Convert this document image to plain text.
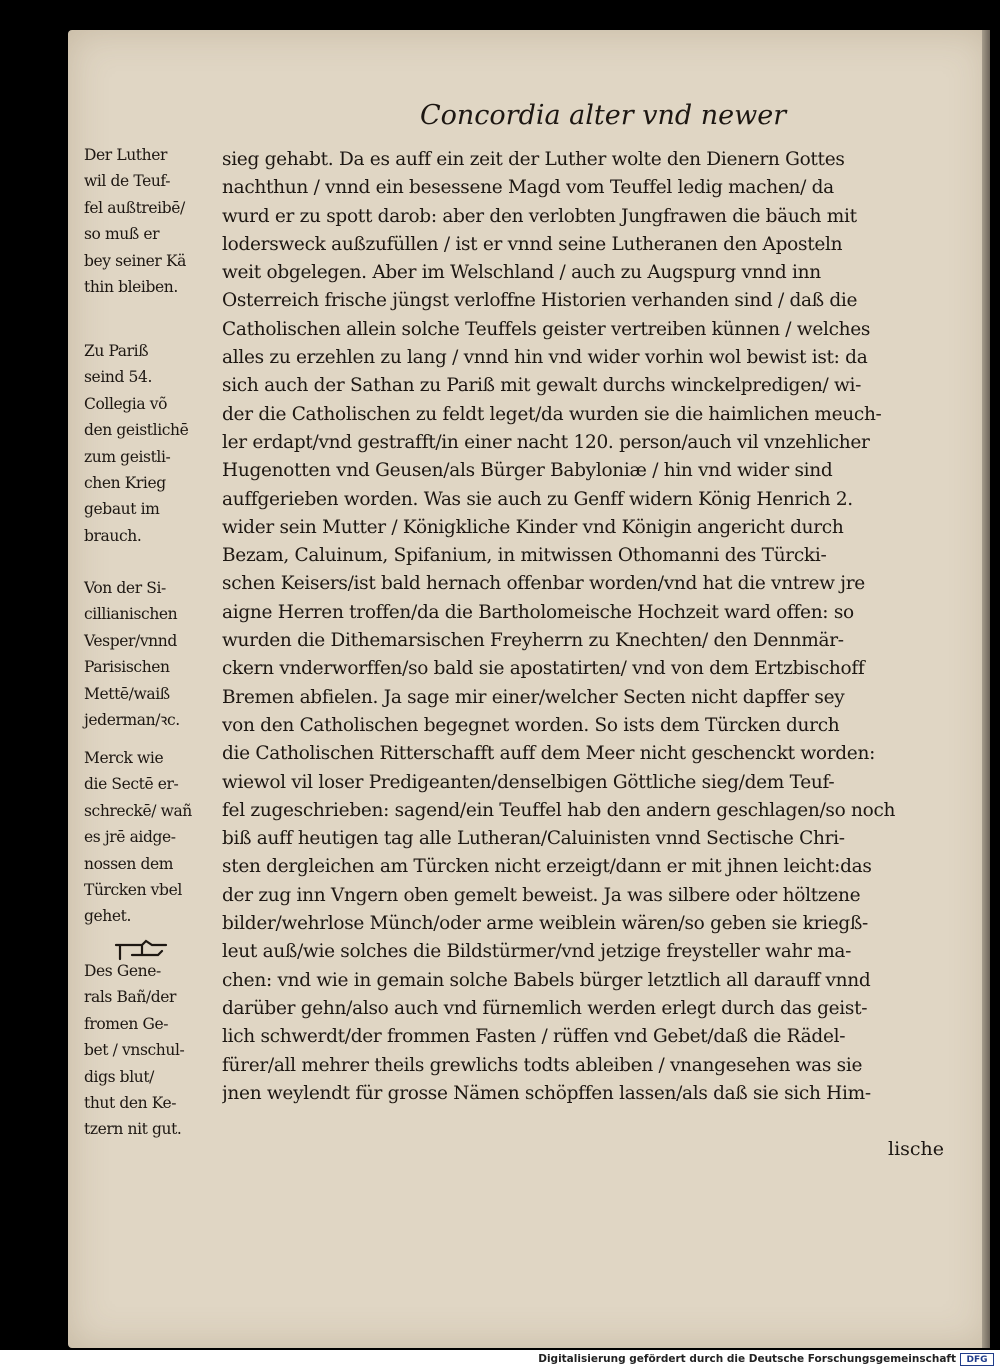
Concordia alter vnd newer
sieg gehabt. Da es auff ein zeit der Luther wolte den Dienern Gottes
nachthun / vnnd ein besessene Magd vom Teuffel ledig machen/ da
wurd er zu spott darob: aber den verlobten Jungfrawen die bäuch mit
lodersweck außzufüllen / ist er vnnd seine Lutheranen den Aposteln
weit obgelegen. Aber im Welschland / auch zu Augspurg vnnd inn
Osterreich frische jüngst verloffne Historien verhanden sind / daß die
Catholischen allein solche Teuffels geister vertreiben künnen / welches
alles zu erzehlen zu lang / vnnd hin vnd wider vorhin wol bewist ist: da
sich auch der Sathan zu Pariß mit gewalt durchs winckelpredigen/ wi-
der die Catholischen zu feldt leget/da wurden sie die haimlichen meuch-
ler erdapt/vnd gestrafft/in einer nacht 120. person/auch vil vnzehlicher
Hugenotten vnd Geusen/als Bürger Babyloniæ / hin vnd wider sind
auffgerieben worden. Was sie auch zu Genff widern König Henrich 2.
wider sein Mutter / Königkliche Kinder vnd Königin angericht durch
Bezam, Caluinum, Spifanium, in mitwissen Othomanni des Türcki-
schen Keisers/ist bald hernach offenbar worden/vnd hat die vntrew jre
aigne Herren troffen/da die Bartholomeische Hochzeit ward offen: so
wurden die Dithemarsischen Freyherrn zu Knechten/ den Dennmär-
ckern vnderworffen/so bald sie apostatirten/ vnd von dem Ertzbischoff
Bremen abfielen. Ja sage mir einer/welcher Secten nicht dapffer sey
von den Catholischen begegnet worden. So ists dem Türcken durch
die Catholischen Ritterschafft auff dem Meer nicht geschenckt worden:
wiewol vil loser Predigeanten/denselbigen Göttliche sieg/dem Teuf-
fel zugeschrieben: sagend/ein Teuffel hab den andern geschlagen/so noch
biß auff heutigen tag alle Lutheran/Caluinisten vnnd Sectische Chri-
sten dergleichen am Türcken nicht erzeigt/dann er mit jhnen leicht:das
der zug inn Vngern oben gemelt beweist. Ja was silbere oder höltzene
bilder/wehrlose Münch/oder arme weiblein wären/so geben sie kriegß-
leut auß/wie solches die Bildstürmer/vnd jetzige freysteller wahr ma-
chen: vnd wie in gemain solche Babels bürger letztlich all darauff vnnd
darüber gehn/also auch vnd fürnemlich werden erlegt durch das geist-
lich schwerdt/der frommen Fasten / rüffen vnd Gebet/daß die Rädel-
fürer/all mehrer theils grewlichs todts ableiben / vnangesehen was sie
jnen weylendt für grosse Nämen schöpffen lassen/als daß sie sich Him-
lische
Der Luther
wil de Teuf-
fel außtreibē/
so muß er
bey seiner Kä
thin bleiben.
Zu Pariß
seind 54.
Collegia võ
den geistlichē
zum geistli-
chen Krieg
gebaut im
brauch.
Von der Si-
cillianischen
Vesper/vnnd
Parisischen
Mettē/waiß
jederman/ꝛc.
Merck wie
die Sectē er-
schreckē/ wañ
es jrē aidge-
nossen dem
Türcken vbel
gehet.
Des Gene-
rals Bañ/der
fromen Ge-
bet / vnschul-
digs blut/
thut den Ke-
tzern nit gut.
Digitalisierung gefördert durch die Deutsche Forschungsgemeinschaft	DFG
